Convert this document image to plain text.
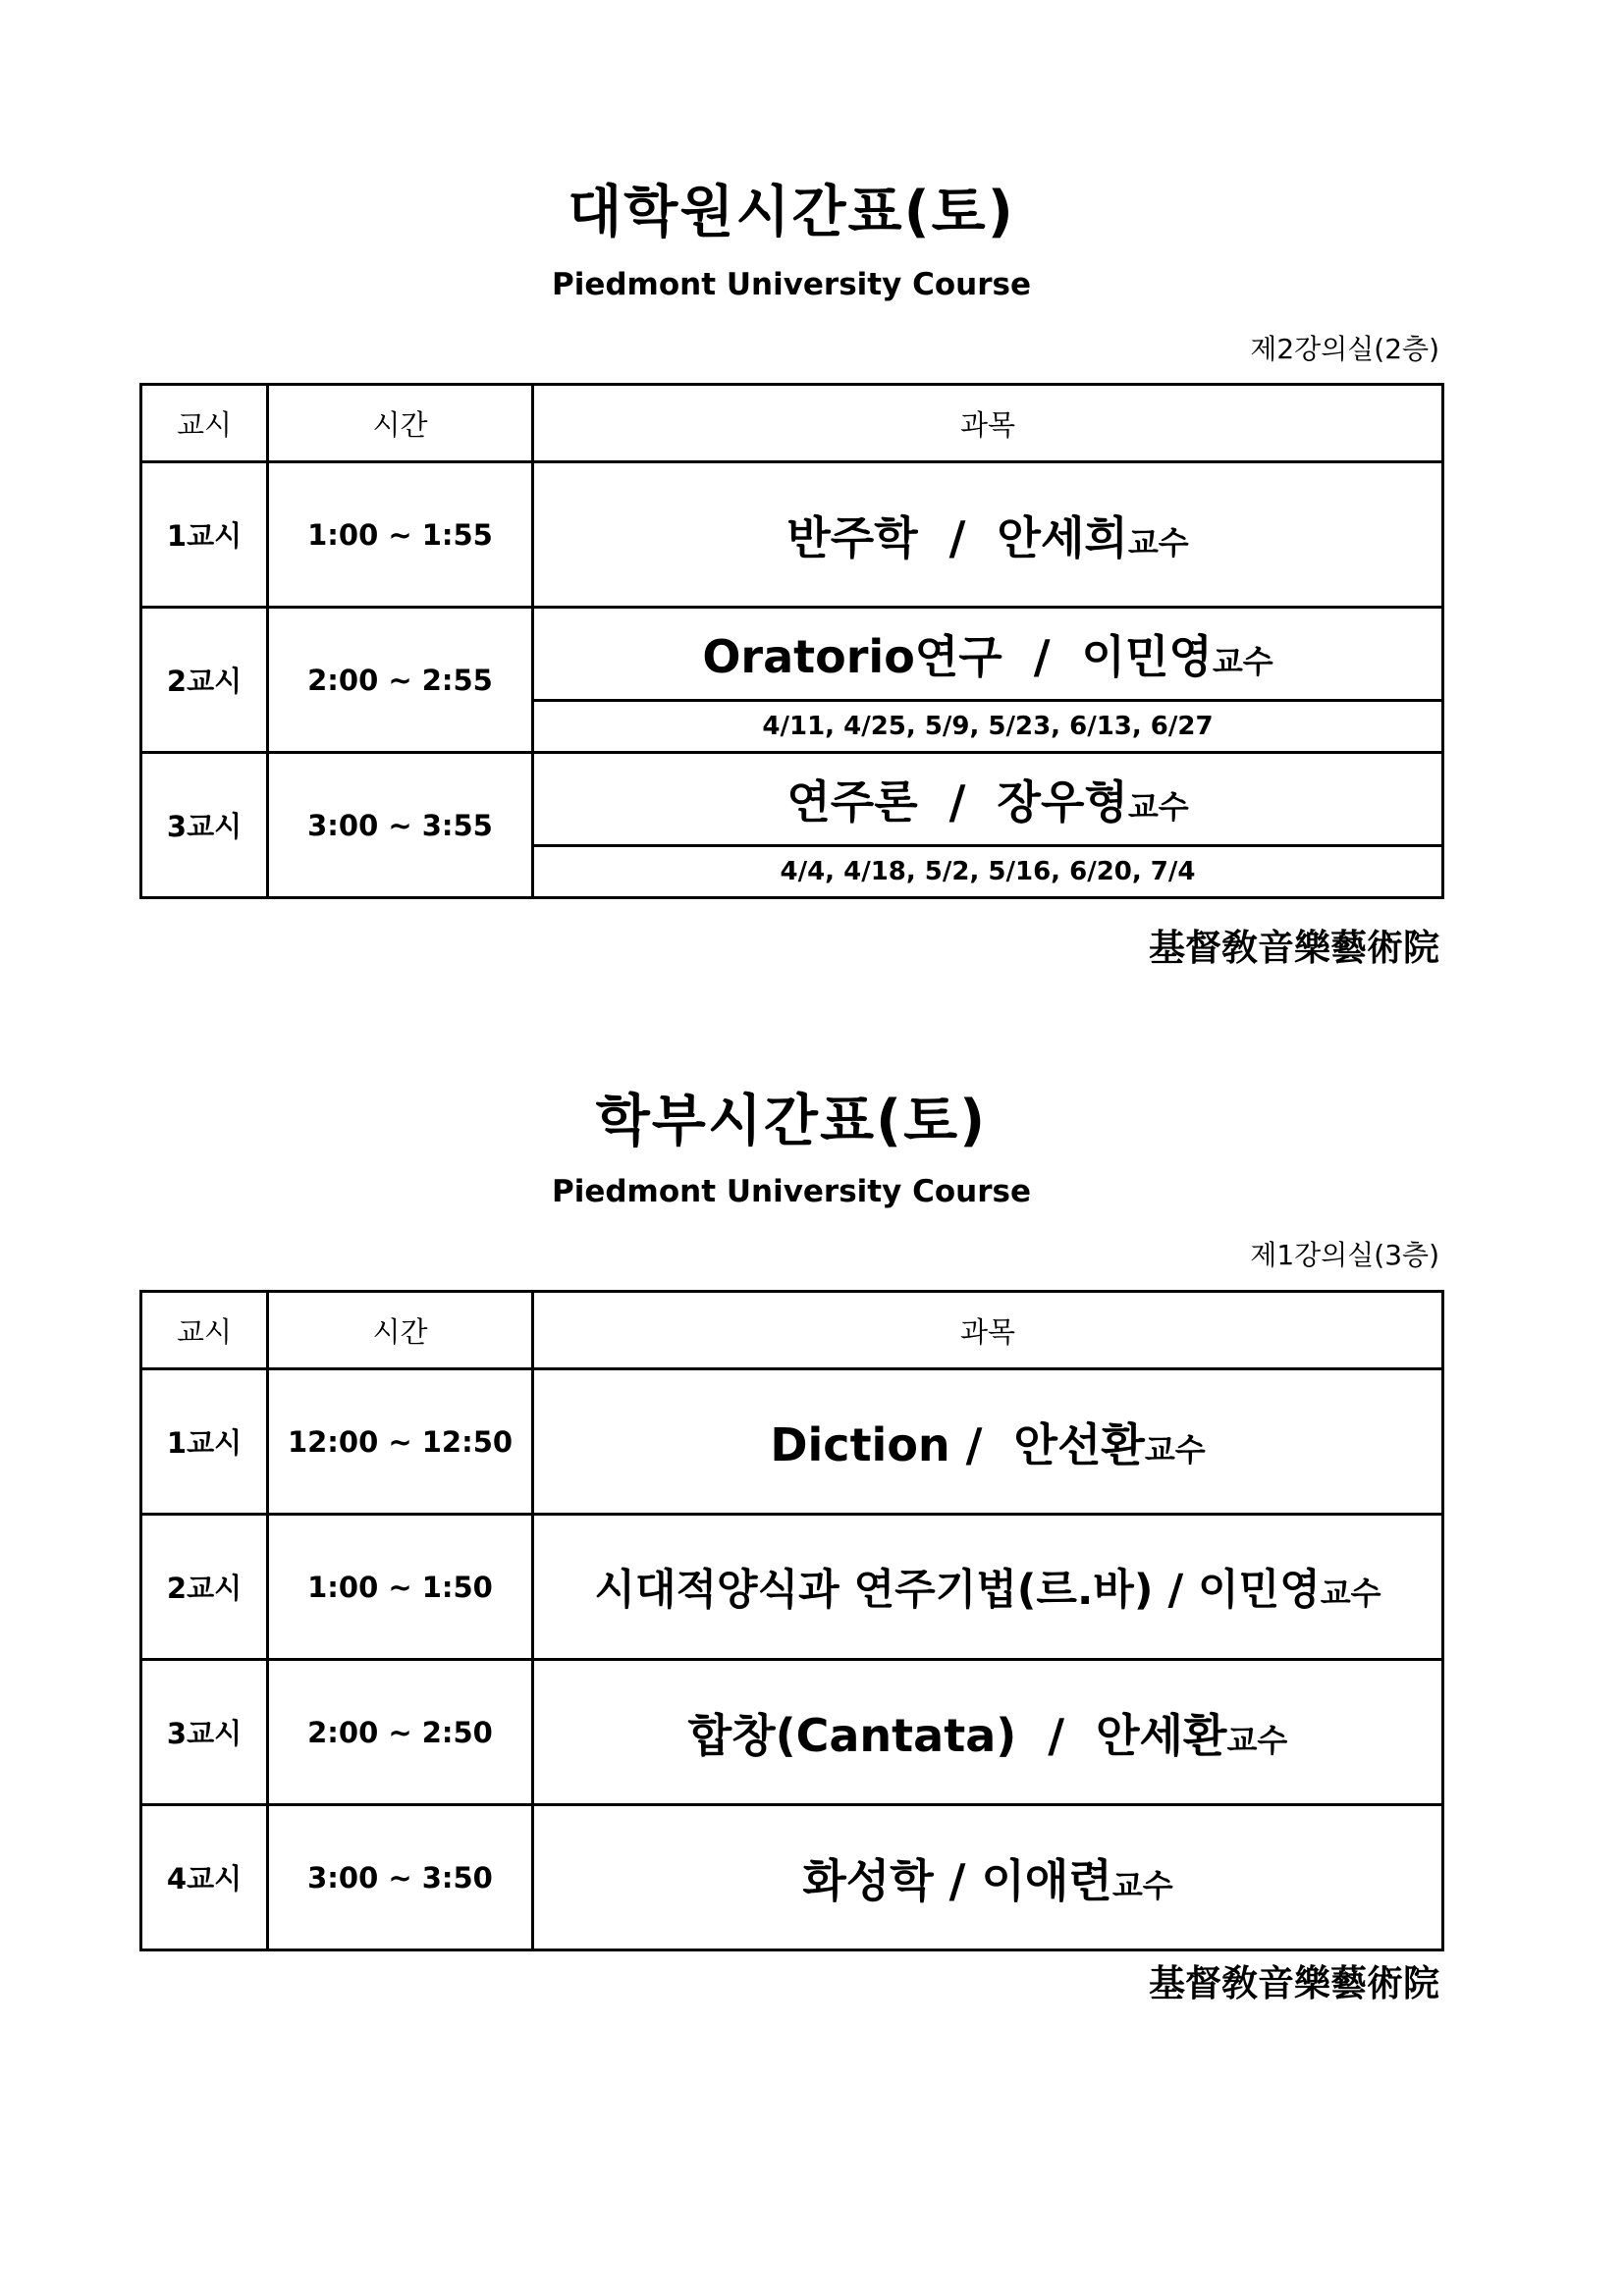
대학원시간표(토)
Piedmont University Course
제2강의실(2층)
교시	시간	과목
1교시	1:00 ~ 1:55	반주학  /  안세희교수
2교시	2:00 ~ 2:55	Oratorio연구  /  이민영교수
		4/11, 4/25, 5/9, 5/23, 6/13, 6/27
3교시	3:00 ~ 3:55	연주론  /  장우형교수
		4/4, 4/18, 5/2, 5/16, 6/20, 7/4
基督敎音樂藝術院
학부시간표(토)
Piedmont University Course
제1강의실(3층)
교시	시간	과목
1교시	12:00 ~ 12:50	Diction /  안선환교수
2교시	1:00 ~ 1:50	시대적양식과 연주기법(르.바) / 이민영교수
3교시	2:00 ~ 2:50	합창(Cantata)  /  안세환교수
4교시	3:00 ~ 3:50	화성학 / 이애련교수
基督敎音樂藝術院
